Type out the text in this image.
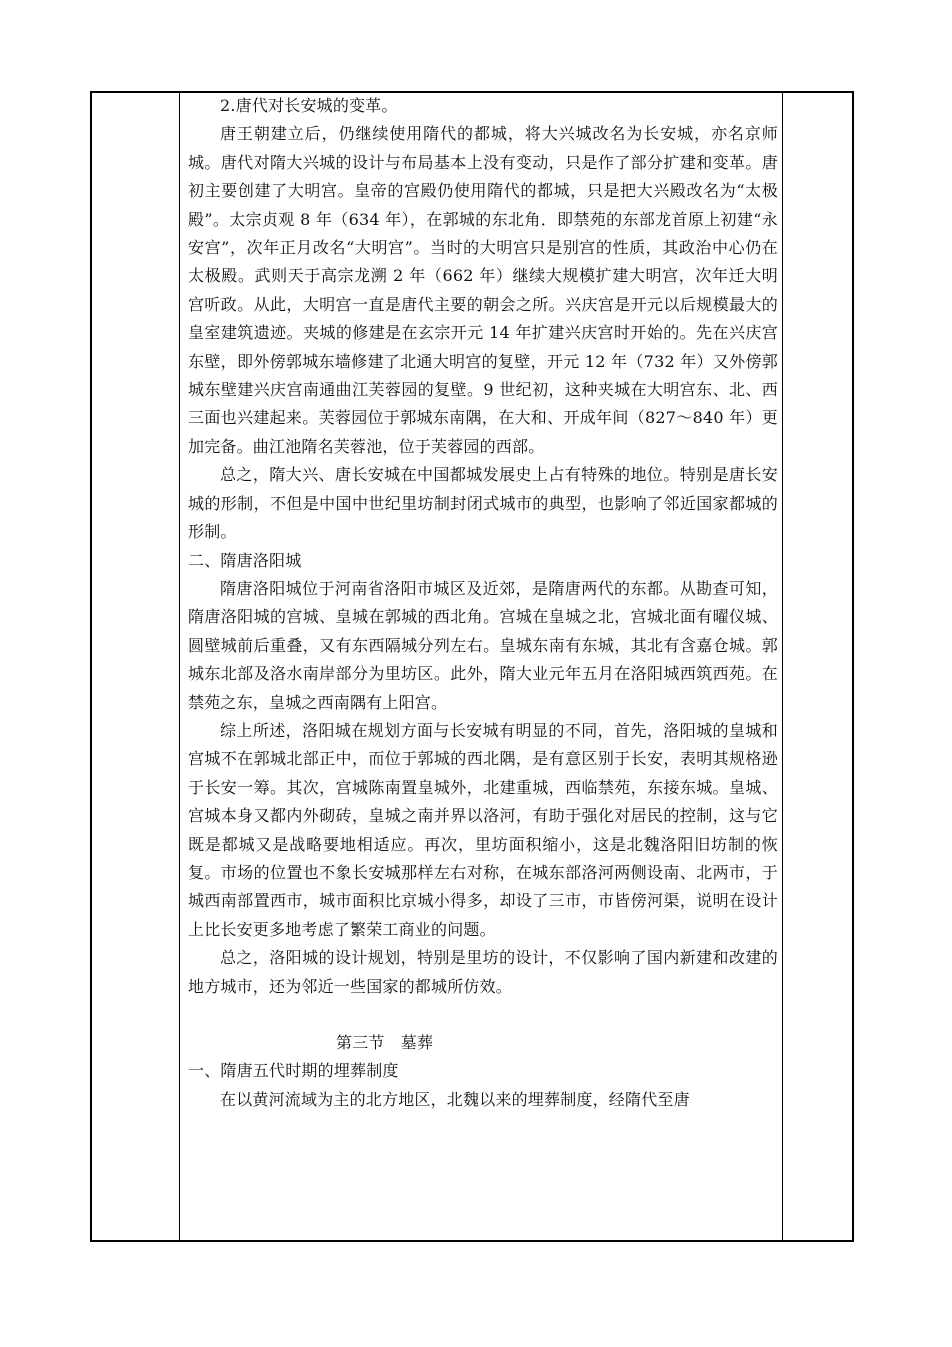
2.唐代对长安城的变革。

唐王朝建立后，仍继续使用隋代的都城，将大兴城改名为长安城，亦名京师城。唐代对隋大兴城的设计与布局基本上没有变动，只是作了部分扩建和变革。唐初主要创建了大明宫。皇帝的宫殿仍使用隋代的都城，只是把大兴殿改名为“太极殿”。太宗贞观 8 年（634 年），在郭城的东北角．即禁苑的东部龙首原上初建“永安宫”，次年正月改名“大明宫”。当时的大明宫只是别宫的性质，其政治中心仍在太极殿。武则天于高宗龙溯 2 年（662 年）继续大规模扩建大明宫，次年迁大明宫听政。从此，大明宫一直是唐代主要的朝会之所。兴庆宫是开元以后规模最大的皇室建筑遗迹。夹城的修建是在玄宗开元 14 年扩建兴庆宫时开始的。先在兴庆宫东壁，即外傍郭城东墙修建了北通大明宫的复壁，开元 12 年（732 年）又外傍郭城东壁建兴庆宫南通曲江芙蓉园的复壁。9 世纪初，这种夹城在大明宫东、北、西三面也兴建起来。芙蓉园位于郭城东南隅，在大和、开成年间（827～840 年）更加完备。曲江池隋名芙蓉池，位于芙蓉园的西部。

总之，隋大兴、唐长安城在中国都城发展史上占有特殊的地位。特别是唐长安城的形制，不但是中国中世纪里坊制封闭式城市的典型，也影响了邻近国家都城的形制。

二、隋唐洛阳城

隋唐洛阳城位于河南省洛阳市城区及近郊，是隋唐两代的东都。从勘查可知，隋唐洛阳城的宫城、皇城在郭城的西北角。宫城在皇城之北，宫城北面有曜仪城、圆壁城前后重叠，又有东西隔城分列左右。皇城东南有东城，其北有含嘉仓城。郭城东北部及洛水南岸部分为里坊区。此外，隋大业元年五月在洛阳城西筑西苑。在禁苑之东，皇城之西南隅有上阳宫。

综上所述，洛阳城在规划方面与长安城有明显的不同，首先，洛阳城的皇城和宫城不在郭城北部正中，而位于郭城的西北隅，是有意区别于长安，表明其规格逊于长安一筹。其次，宫城陈南置皇城外，北建重城，西临禁苑，东接东城。皇城、宫城本身又都内外砌砖，皇城之南并界以洛河，有助于强化对居民的控制，这与它既是都城又是战略要地相适应。再次，里坊面积缩小，这是北魏洛阳旧坊制的恢复。市场的位置也不象长安城那样左右对称，在城东部洛河两侧设南、北两市，于城西南部置西市，城市面积比京城小得多，却设了三市，市皆傍河渠，说明在设计上比长安更多地考虑了繁荣工商业的问题。

总之，洛阳城的设计规划，特别是里坊的设计，不仅影响了国内新建和改建的地方城市，还为邻近一些国家的都城所仿效。

第三节　墓葬

一、隋唐五代时期的埋葬制度

在以黄河流域为主的北方地区，北魏以来的埋葬制度，经隋代至唐
